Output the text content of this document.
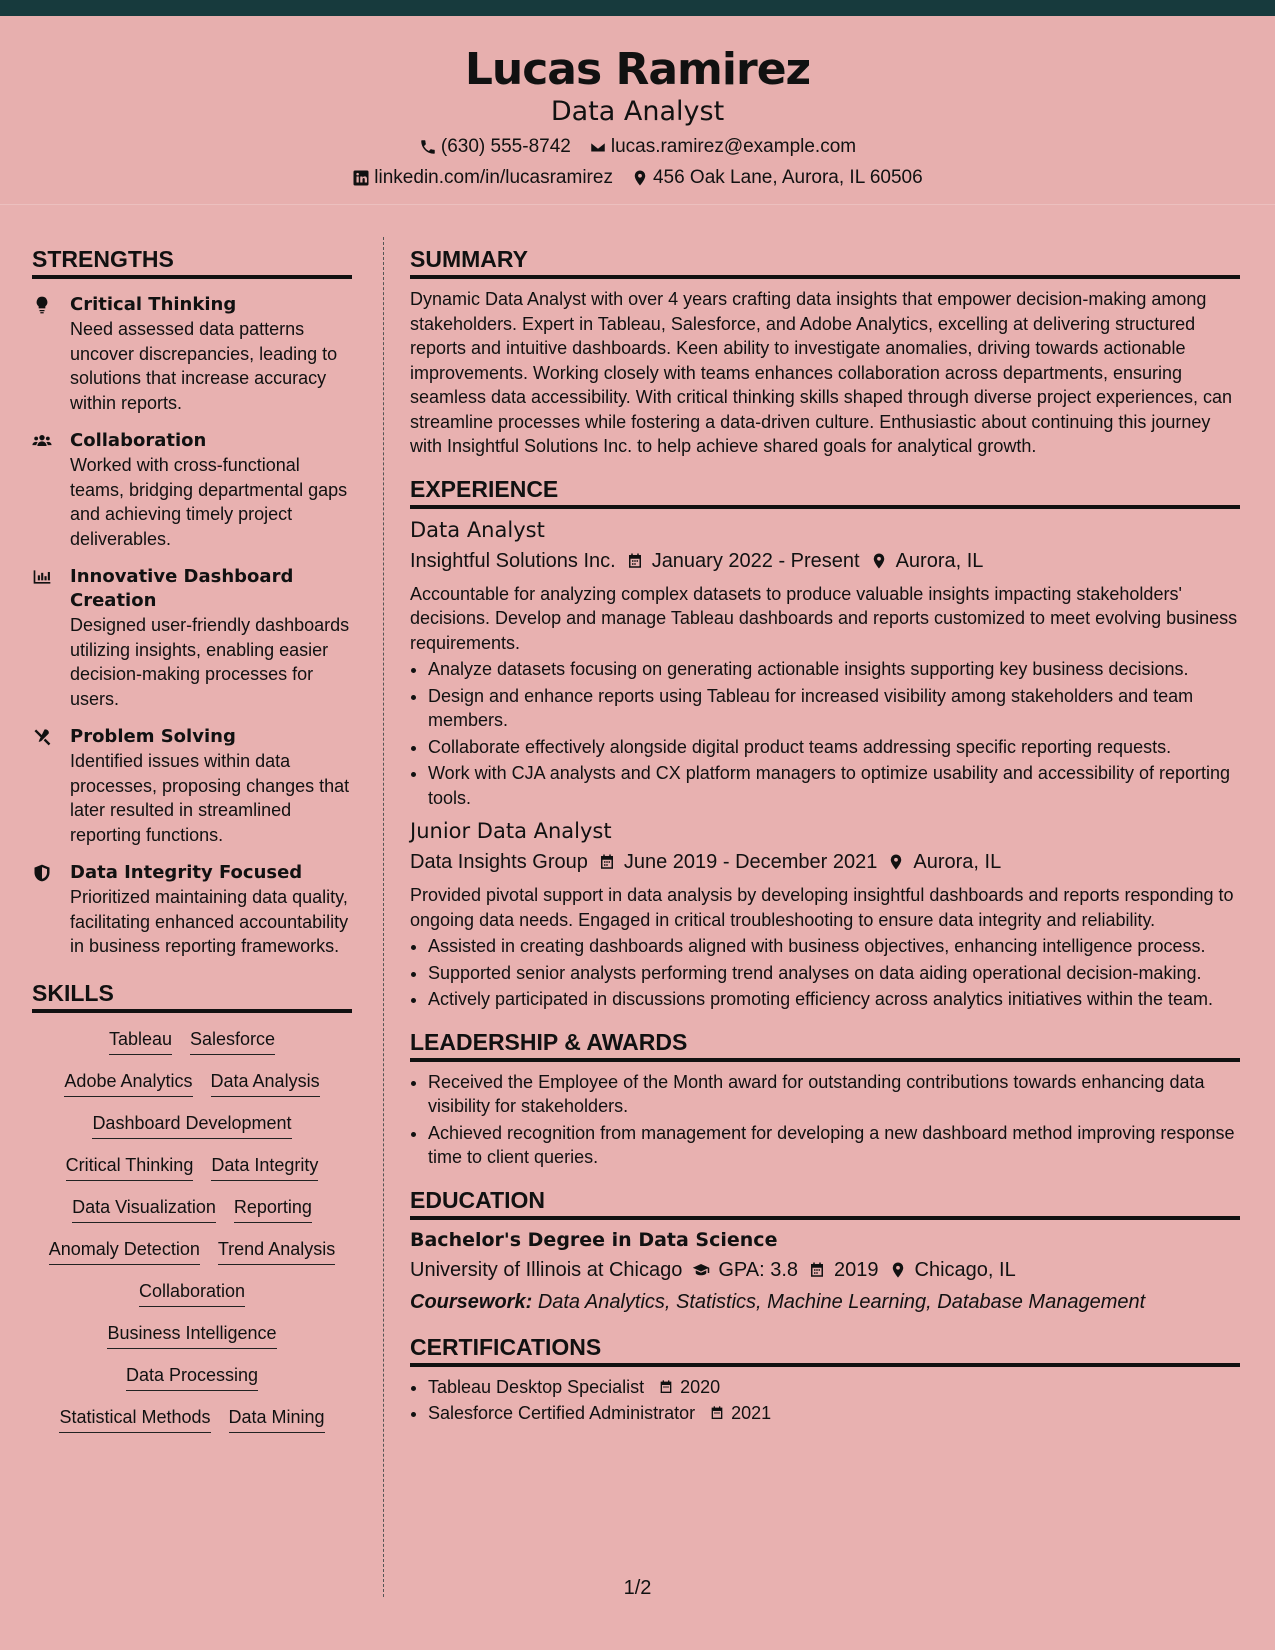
Lucas Ramirez
Data Analyst
(630) 555-8742 lucas.ramirez@example.com
linkedin.com/in/lucasramirez 456 Oak Lane, Aurora, IL 60506
STRENGTHS
Critical Thinking
Need assessed data patterns uncover discrepancies, leading to solutions that increase accuracy within reports.
Collaboration
Worked with cross-functional teams, bridging departmental gaps and achieving timely project deliverables.
Innovative Dashboard Creation
Designed user-friendly dashboards utilizing insights, enabling easier decision-making processes for users.
Problem Solving
Identified issues within data processes, proposing changes that later resulted in streamlined reporting functions.
Data Integrity Focused
Prioritized maintaining data quality, facilitating enhanced accountability in business reporting frameworks.
SKILLS
Tableau Salesforce
Adobe Analytics Data Analysis
Dashboard Development
Critical Thinking Data Integrity
Data Visualization Reporting
Anomaly Detection Trend Analysis
Collaboration
Business Intelligence
Data Processing
Statistical Methods Data Mining
SUMMARY
Dynamic Data Analyst with over 4 years crafting data insights that empower decision-making among stakeholders. Expert in Tableau, Salesforce, and Adobe Analytics, excelling at delivering structured reports and intuitive dashboards. Keen ability to investigate anomalies, driving towards actionable improvements. Working closely with teams enhances collaboration across departments, ensuring seamless data accessibility. With critical thinking skills shaped through diverse project experiences, can streamline processes while fostering a data-driven culture. Enthusiastic about continuing this journey with Insightful Solutions Inc. to help achieve shared goals for analytical growth.
EXPERIENCE
Data Analyst
Insightful Solutions Inc. January 2022 - Present Aurora, IL
Accountable for analyzing complex datasets to produce valuable insights impacting stakeholders' decisions. Develop and manage Tableau dashboards and reports customized to meet evolving business requirements.
• Analyze datasets focusing on generating actionable insights supporting key business decisions.
• Design and enhance reports using Tableau for increased visibility among stakeholders and team members.
• Collaborate effectively alongside digital product teams addressing specific reporting requests.
• Work with CJA analysts and CX platform managers to optimize usability and accessibility of reporting tools.
Junior Data Analyst
Data Insights Group June 2019 - December 2021 Aurora, IL
Provided pivotal support in data analysis by developing insightful dashboards and reports responding to ongoing data needs. Engaged in critical troubleshooting to ensure data integrity and reliability.
• Assisted in creating dashboards aligned with business objectives, enhancing intelligence process.
• Supported senior analysts performing trend analyses on data aiding operational decision-making.
• Actively participated in discussions promoting efficiency across analytics initiatives within the team.
LEADERSHIP & AWARDS
• Received the Employee of the Month award for outstanding contributions towards enhancing data visibility for stakeholders.
• Achieved recognition from management for developing a new dashboard method improving response time to client queries.
EDUCATION
Bachelor's Degree in Data Science
University of Illinois at Chicago GPA: 3.8 2019 Chicago, IL
Coursework: Data Analytics, Statistics, Machine Learning, Database Management
CERTIFICATIONS
• Tableau Desktop Specialist 2020
• Salesforce Certified Administrator 2021
1/2
